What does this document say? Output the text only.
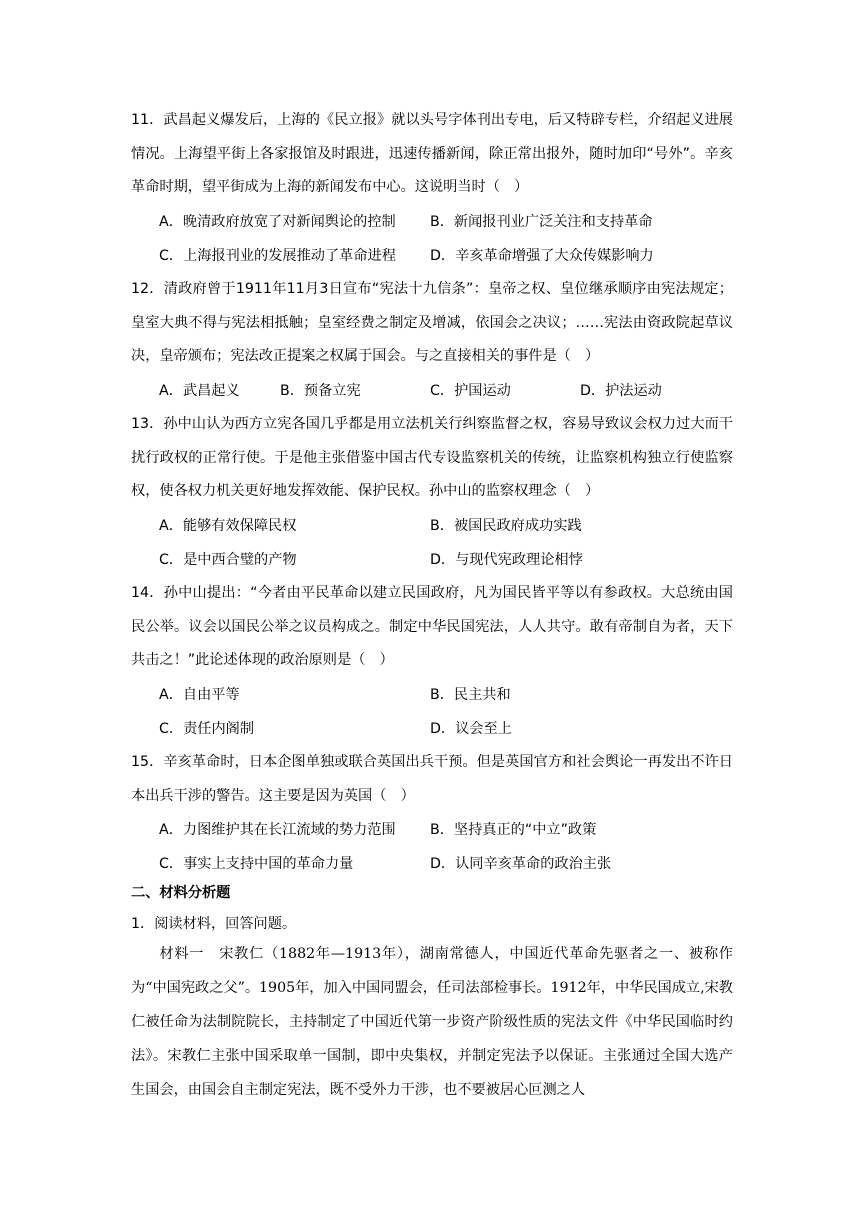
11．武昌起义爆发后，上海的《民立报》就以头号字体刊出专电，后又特辟专栏，介绍起义进展情况。上海望平街上各家报馆及时跟进，迅速传播新闻，除正常出报外，随时加印“号外”。辛亥革命时期，望平街成为上海的新闻发布中心。这说明当时（　）

A．晚清政府放宽了对新闻舆论的控制 B．新闻报刊业广泛关注和支持革命
C．上海报刊业的发展推动了革命进程 D．辛亥革命增强了大众传媒影响力

12．清政府曾于1911年11月3日宣布“宪法十九信条”：皇帝之权、皇位继承顺序由宪法规定；皇室大典不得与宪法相抵触；皇室经费之制定及增减，依国会之决议；……宪法由资政院起草议决，皇帝颁布；宪法改正提案之权属于国会。与之直接相关的事件是（　）

A．武昌起义	B．预备立宪	C．护国运动	D．护法运动

13．孙中山认为西方立宪各国几乎都是用立法机关行纠察监督之权，容易导致议会权力过大而干扰行政权的正常行使。于是他主张借鉴中国古代专设监察机关的传统，让监察机构独立行使监察权，使各权力机关更好地发挥效能、保护民权。孙中山的监察权理念（　）

A．能够有效保障民权	B．被国民政府成功实践
C．是中西合璧的产物	D．与现代宪政理论相悖

14．孙中山提出：“今者由平民革命以建立民国政府，凡为国民皆平等以有参政权。大总统由国民公举。议会以国民公举之议员构成之。制定中华民国宪法，人人共守。敢有帝制自为者，天下共击之！”此论述体现的政治原则是（　）

A．自由平等	B．民主共和
C．责任内阁制	D．议会至上

15．辛亥革命时，日本企图单独或联合英国出兵干预。但是英国官方和社会舆论一再发出不许日本出兵干涉的警告。这主要是因为英国（　）

A．力图维护其在长江流域的势力范围 B．坚持真正的“中立”政策
C．事实上支持中国的革命力量	D．认同辛亥革命的政治主张
二、材料分析题
1．阅读材料，回答问题。

材料一　宋教仁（1882年—1913年），湖南常德人，中国近代革命先驱者之一、被称作为“中国宪政之父”。1905年，加入中国同盟会，任司法部检事长。1912年，中华民国成立,宋教仁被任命为法制院院长，主持制定了中国近代第一步资产阶级性质的宪法文件《中华民国临时约法》。宋教仁主张中国采取单一国制，即中央集权，并制定宪法予以保证。主张通过全国大选产生国会，由国会自主制定宪法，既不受外力干涉，也不要被居心叵测之人
